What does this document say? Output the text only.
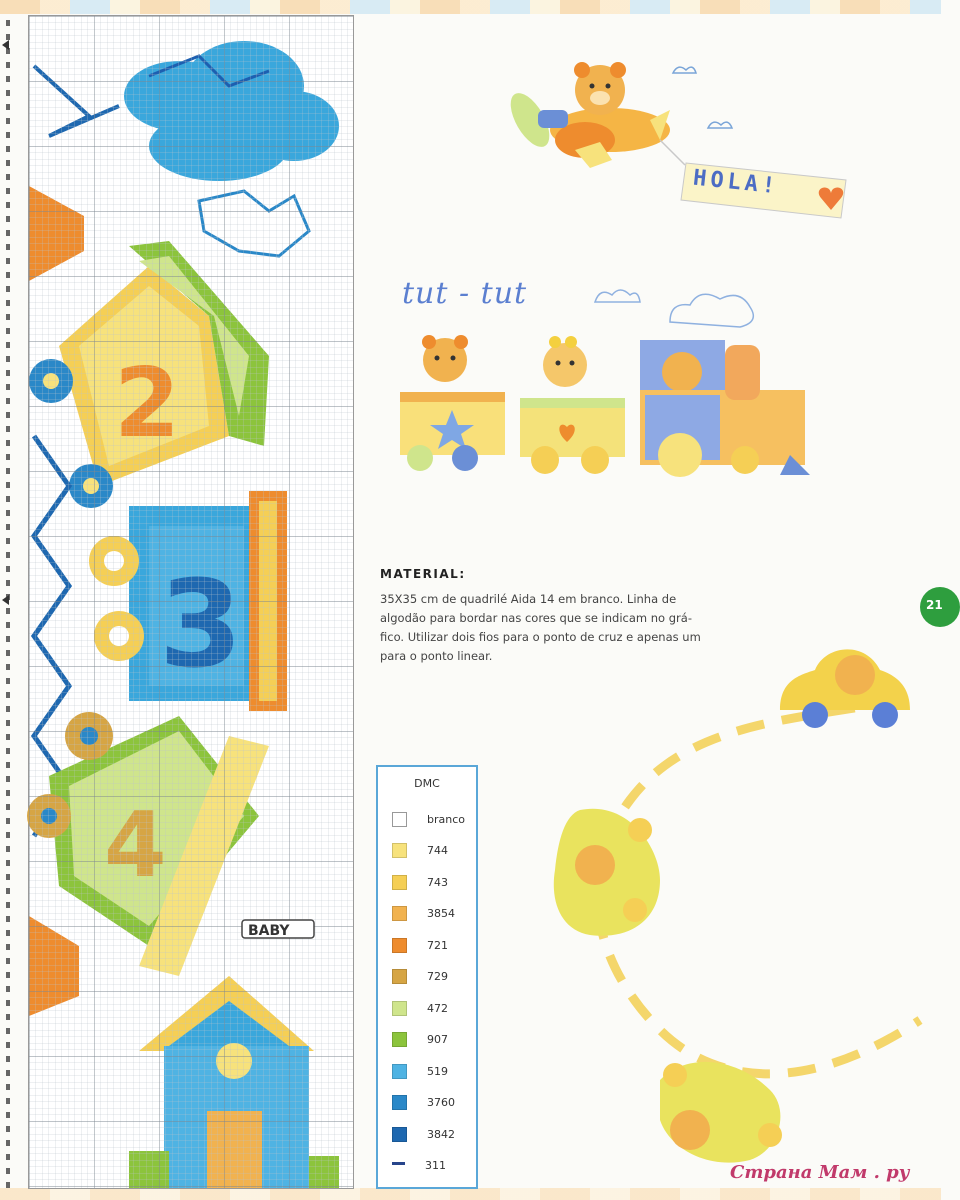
BABY
HOLA!
tut - tut
MATERIAL:
35X35 cm de quadrilé Aida 14 em branco. Linha de
algodão para bordar nas cores que se indicam no grá-
fico. Utilizar dois fios para o ponto de cruz e apenas um
para o ponto linear.
21
DMC
branco
744
743
3854
721
729
472
907
519
3760
3842
311	Страна Мам . ру
